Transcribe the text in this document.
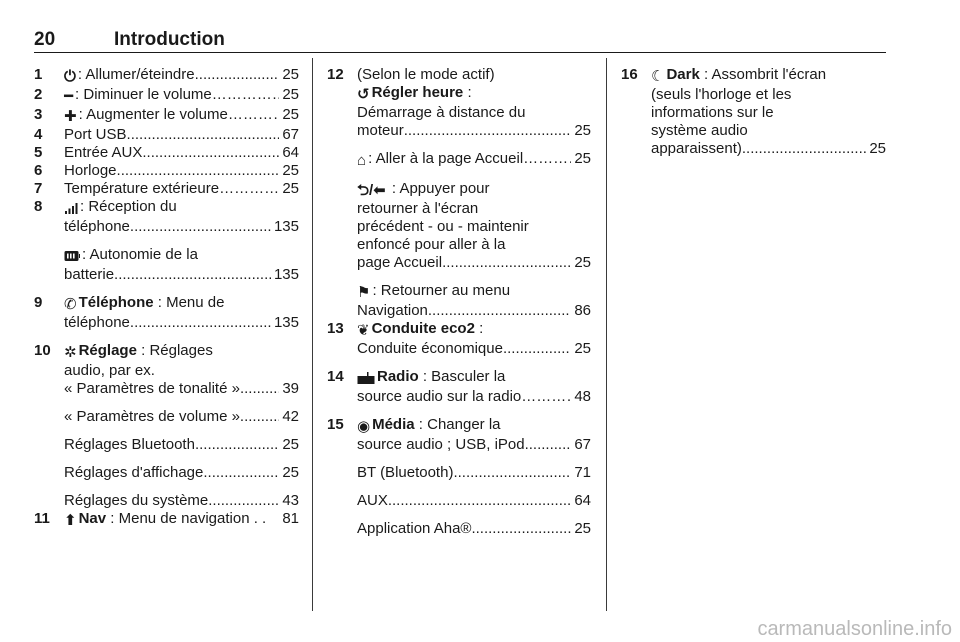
20	Introduction
1	⏻ : Allumer/éteindre .....	25
2	━ : Diminuer le volume ………………………………………………………………………………………………………………………………………………………………	25
3	✚ : Augmenter le volume ………………………………………………………………………………………………………………………………………………………………	25
4	Port USB .....	67
5	Entrée AUX .....	64
6	Horloge .....	25
7	Température extérieure ………………………………………………………………………………………………………………………………………………………………	25
8	: Réception du
téléphone .....	135
: Autonomie de la
batterie .....	135
9	✆ Téléphone : Menu de
téléphone .....	135
10 ✲ Réglage : Réglages
audio, par ex.
« Paramètres de tonalité » .....	39
« Paramètres de volume » .....	42
Réglages Bluetooth .....	25
Réglages d'affichage .....	25
Réglages du système .....	43
11 ⬆ Nav : Menu de navigation . . 81
12 (Selon le mode actif)
↺ Régler heure :
Démarrage à distance du
moteur .....	25
⌂ : Aller à la page Accueil ………………………………………………………………………………………………………………………………………………………………	25
⮌/⬅ : Appuyer pour
retourner à l'écran
précédent - ou - maintenir
enfoncé pour aller à la
page Accueil .....	25
⚑ : Retourner au menu
Navigation .....	86
13 ❦ Conduite eco2 :
Conduite économique .....	25
14	Radio : Basculer la
source audio sur la radio ………………………………………………………………………………………………………………………………………………………………	48
15 ◉ Média : Changer la
source audio ; USB, iPod .....	67
BT (Bluetooth) .....	71
AUX .....	64
Application Aha® .....	25
16 ☾ Dark : Assombrit l'écran
(seuls l'horloge et les
informations sur le
système audio
apparaissent) .....	25
carmanualsonline.info
